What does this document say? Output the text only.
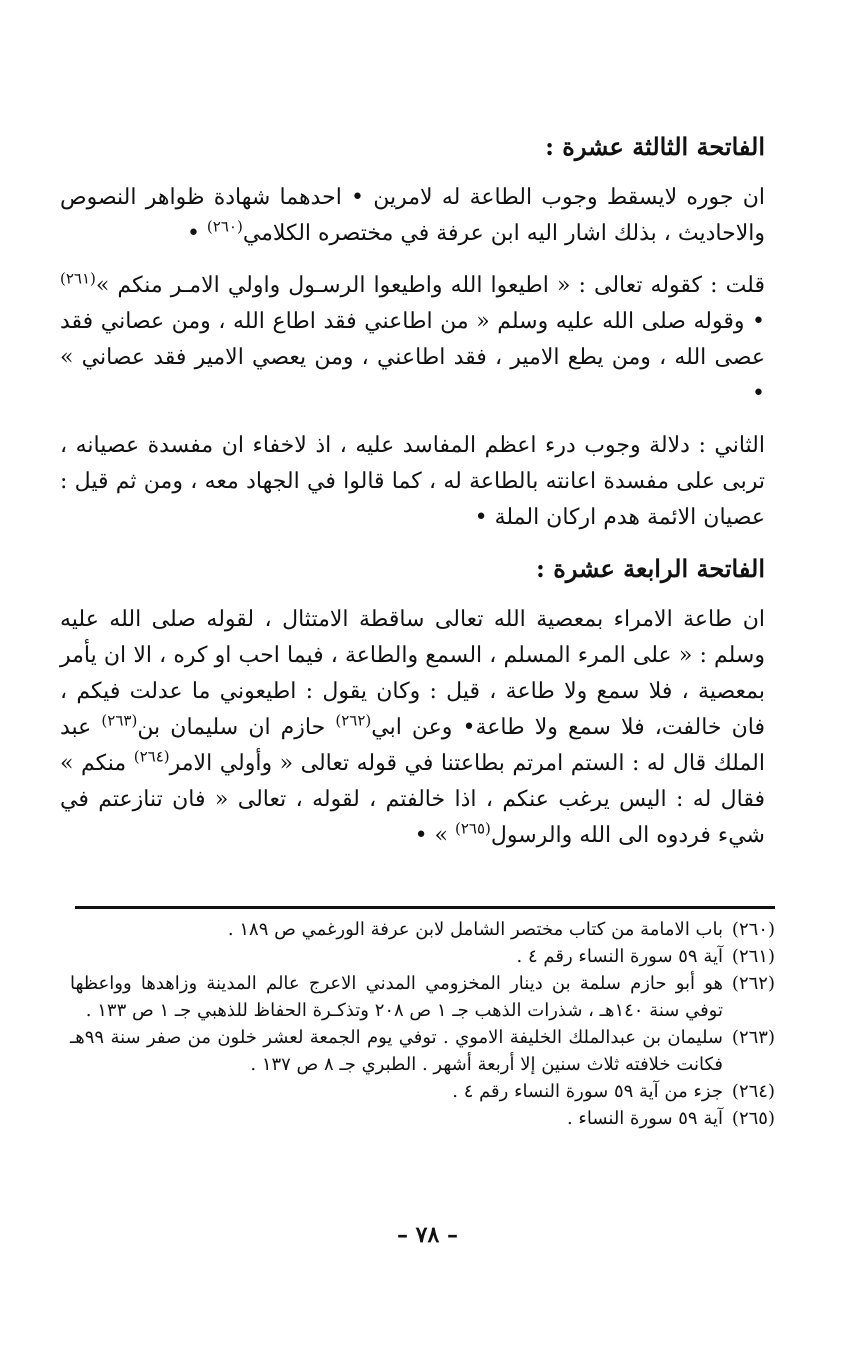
الفاتحة الثالثة عشرة :

ان جوره لايسقط وجوب الطاعة له لامرين • احدهما شهادة ظواهر النصوص والاحاديث ، بذلك اشار اليه ابن عرفة في مختصره الكلامي$^{(٢٦٠)}$ •

قلت : كقوله تعالى : « اطيعوا الله واطيعوا الرسـول واولي الامـر منكم »$^{(٢٦١)}$ • وقوله صلى الله عليه وسلم « من اطاعني فقد اطاع الله ، ومن عصاني فقد عصى الله ، ومن يطع الامير ، فقد اطاعني ، ومن يعصي الامير فقد عصاني » •

الثاني : دلالة وجوب درء اعظم المفاسد عليه ، اذ لاخفاء ان مفسدة عصيانه ، تربى على مفسدة اعانته بالطاعة له ، كما قالوا في الجهاد معه ، ومن ثم قيل : عصيان الائمة هدم اركان الملة •

الفاتحة الرابعة عشرة :

ان طاعة الامراء بمعصية الله تعالى ساقطة الامتثال ، لقوله صلى الله عليه وسلم : « على المرء المسلم ، السمع والطاعة ، فيما احب او كره ، الا ان يأمر بمعصية ، فلا سمع ولا طاعة ، قيل : وكان يقول : اطيعوني ما عدلت فيكم ، فان خالفت، فلا سمع ولا طاعة• وعن ابي$^{(٢٦٢)}$ حازم ان سليمان بن$^{(٢٦٣)}$ عبد الملك قال له : الستم امرتم بطاعتنا في قوله تعالى « وأولي الامر$^{(٢٦٤)}$ منكم » فقال له : اليس يرغب عنكم ، اذا خالفتم ، لقوله ، تعالى « فان تنازعتم في شيء فردوه الى الله والرسول$^{(٢٦٥)}$ » •

(٢٦٠)
باب الامامة من كتاب مختصر الشامل لابن عرفة الورغمي ص ١٨٩ .
(٢٦١)
آية ٥٩ سورة النساء رقم ٤ .
(٢٦٢)
هو أبو حازم سلمة بن دينار المخزومي المدني الاعرج عالم المدينة وزاهدها وواعظها توفي سنة ١٤٠هـ ، شذرات الذهب جـ ١ ص ٢٠٨ وتذكـرة الحفاظ للذهبي جـ ١ ص ١٣٣ .
(٢٦٣)
سليمان بن عبدالملك الخليفة الاموي . توفي يوم الجمعة لعشر خلون من صفر سنة ٩٩هـ فكانت خلافته ثلاث سنين إلا أربعة أشهر . الطبري جـ ٨ ص ١٣٧ .
(٢٦٤)
جزء من آية ٥٩ سورة النساء رقم ٤ .
(٢٦٥)
آية ٥٩ سورة النساء .
– ٧٨ –
